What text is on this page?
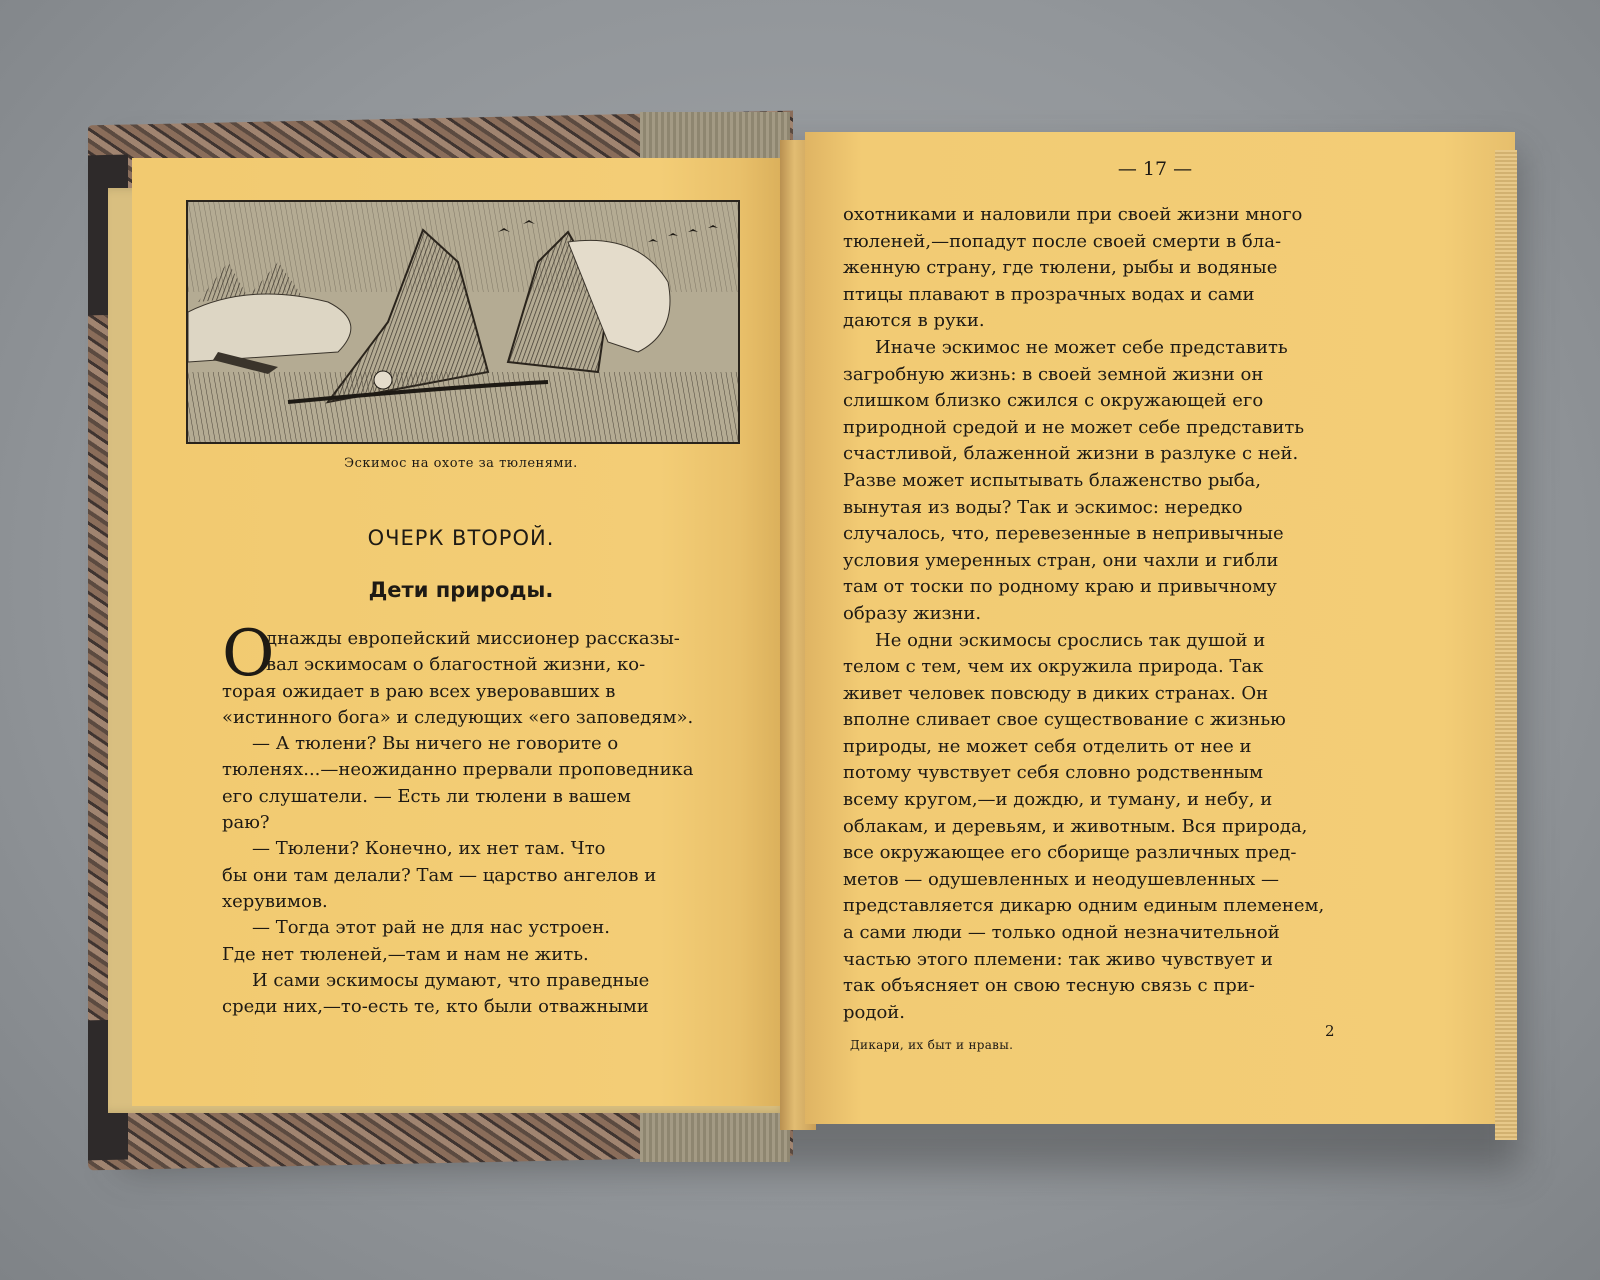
Эскимос на охоте за тюленями.
ОЧЕРК ВТОРОЙ.
Дети природы.
О
днажды европейский миссионер рассказы-
вал эскимосам о благостной жизни, ко-
торая ожидает в раю всех уверовавших в
«истинного бога» и следующих «его заповедям».
— А тюлени? Вы ничего не говорите о
тюленях...—неожиданно прервали проповедника
его слушатели. — Есть ли тюлени в вашем
раю?
— Тюлени? Конечно, их нет там. Что
бы они там делали? Там — царство ангелов и
херувимов.
— Тогда этот рай не для нас устроен.
Где нет тюленей,—там и нам не жить.
И сами эскимосы думают, что праведные
среди них,—то-есть те, кто были отважными
— 17 —
охотниками и наловили при своей жизни много
тюленей,—попадут после своей смерти в бла-
женную страну, где тюлени, рыбы и водяные
птицы плавают в прозрачных водах и сами
даются в руки.
Иначе эскимос не может себе представить
загробную жизнь: в своей земной жизни он
слишком близко сжился с окружающей его
природной средой и не может себе представить
счастливой, блаженной жизни в разлуке с ней.
Разве может испытывать блаженство рыба,
вынутая из воды? Так и эскимос: нередко
случалось, что, перевезенные в непривычные
условия умеренных стран, они чахли и гибли
там от тоски по родному краю и привычному
образу жизни.
Не одни эскимосы срослись так душой и
телом с тем, чем их окружила природа. Так
живет человек повсюду в диких странах. Он
вполне сливает свое существование с жизнью
природы, не может себя отделить от нее и
потому чувствует себя словно родственным
всему кругом,—и дождю, и туману, и небу, и
облакам, и деревьям, и животным. Вся природа,
все окружающее его сборище различных пред-
метов — одушевленных и неодушевленных —
представляется дикарю одним единым племенем,
а сами люди — только одной незначительной
частью этого племени: так живо чувствует и
так объясняет он свою тесную связь с при-
родой.
Дикари, их быт и нравы.
2
